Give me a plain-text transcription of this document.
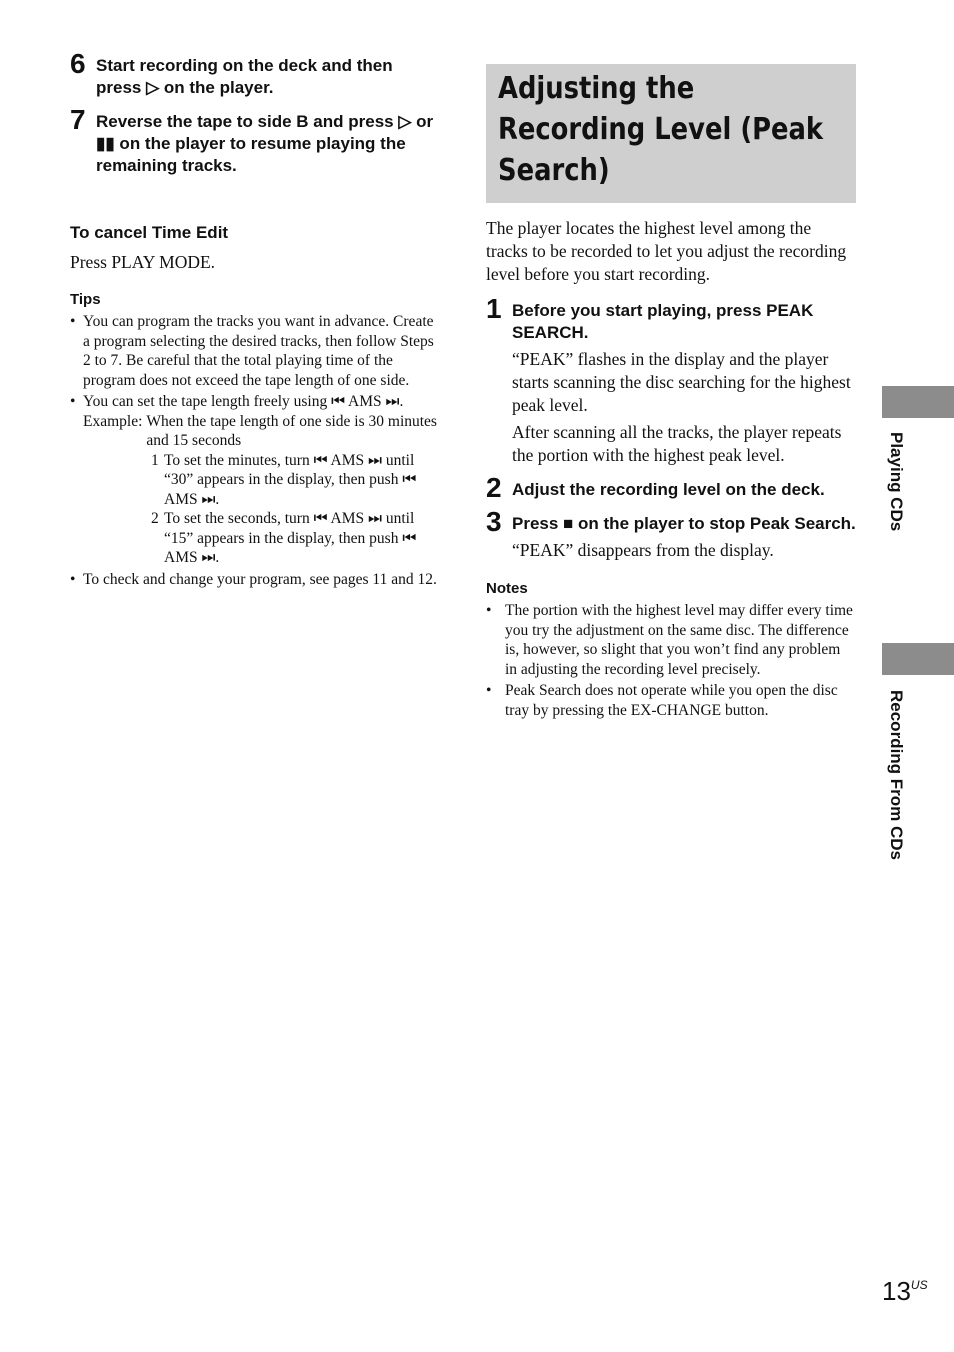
6 Start recording on the deck and then press ▷ on the player.
7 Reverse the tape to side B and press ▷ or ▮▮ on the player to resume playing the remaining tracks.
To cancel Time Edit
Press PLAY MODE.
Tips
• You can program the tracks you want in advance. Create a program selecting the desired tracks, then follow Steps 2 to 7. Be careful that the total playing time of the program does not exceed the tape length of one side.
• You can set the tape length freely using ⏮ AMS ⏭.
Example: When the tape length of one side is 30 minutes and 15 seconds
1 To set the minutes, turn ⏮ AMS ⏭ until “30” appears in the display, then push ⏮ AMS ⏭.
2 To set the seconds, turn ⏮ AMS ⏭ until “15” appears in the display, then push ⏮ AMS ⏭.
• To check and change your program, see pages 11 and 12.
Adjusting the Recording Level (Peak Search)
The player locates the highest level among the tracks to be recorded to let you adjust the recording level before you start recording.
1 Before you start playing, press PEAK SEARCH.

“PEAK” flashes in the display and the player starts scanning the disc searching for the highest peak level.

After scanning all the tracks, the player repeats the portion with the highest peak level.

2 Adjust the recording level on the deck.
3 Press ■ on the player to stop Peak Search.

“PEAK” disappears from the display.

Notes
• The portion with the highest level may differ every time you try the adjustment on the same disc. The difference is, however, so slight that you won’t find any problem in adjusting the recording level precisely.
• Peak Search does not operate while you open the disc tray by pressing the EX-CHANGE button.
Playing CDs
Recording From CDs
$13^{US}$
